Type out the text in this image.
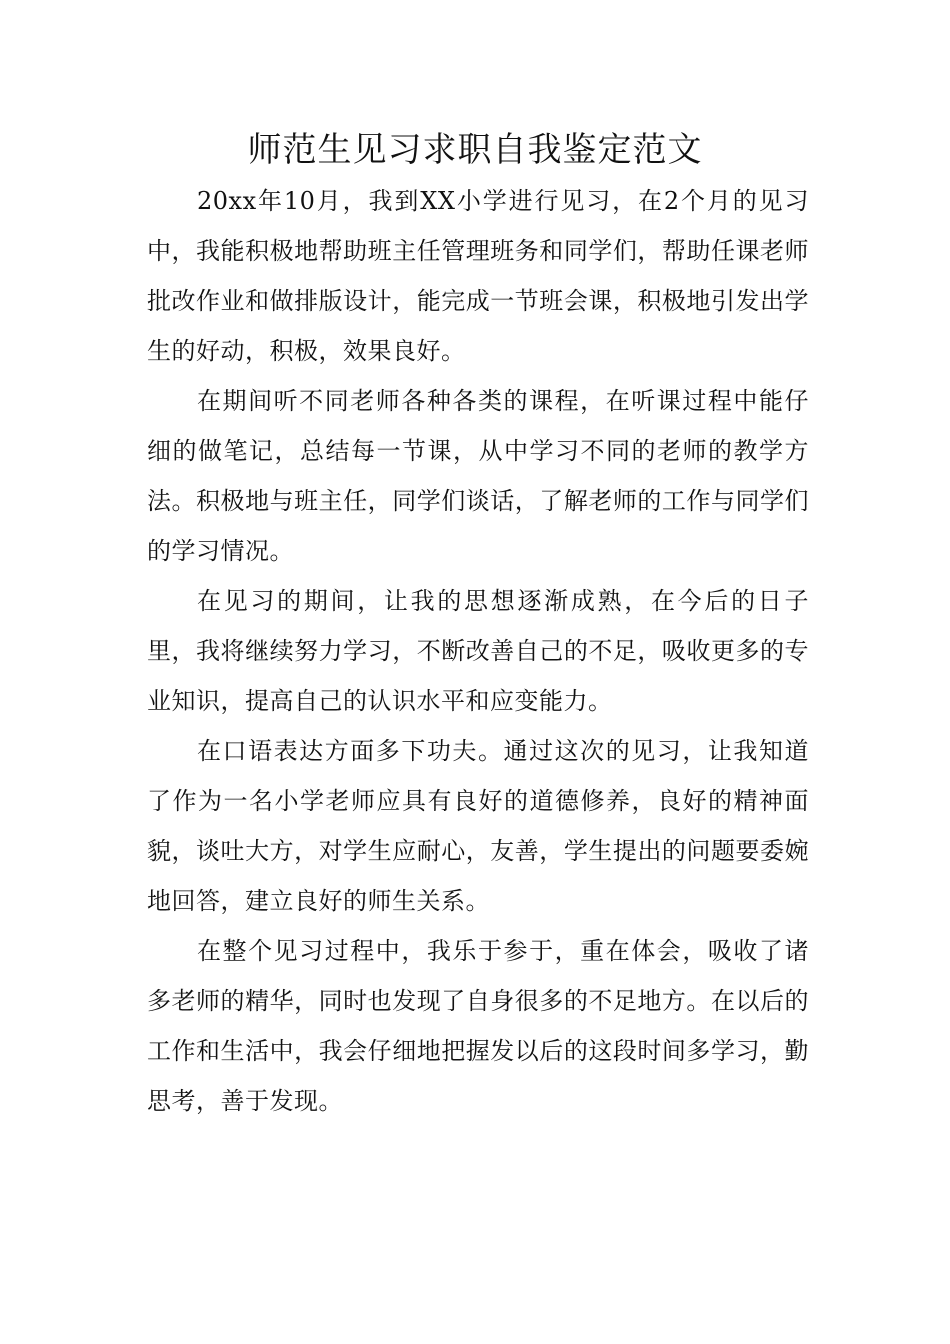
师范生见习求职自我鉴定范文

20xx年10月，我到XX小学进行见习，在2个月的见习中，我能积极地帮助班主任管理班务和同学们，帮助任课老师批改作业和做排版设计，能完成一节班会课，积极地引发出学生的好动，积极，效果良好。

在期间听不同老师各种各类的课程，在听课过程中能仔细的做笔记，总结每一节课，从中学习不同的老师的教学方法。积极地与班主任，同学们谈话，了解老师的工作与同学们的学习情况。

在见习的期间，让我的思想逐渐成熟，在今后的日子里，我将继续努力学习，不断改善自己的不足，吸收更多的专业知识，提高自己的认识水平和应变能力。

在口语表达方面多下功夫。通过这次的见习，让我知道了作为一名小学老师应具有良好的道德修养，良好的精神面貌，谈吐大方，对学生应耐心，友善，学生提出的问题要委婉地回答，建立良好的师生关系。

在整个见习过程中，我乐于参于，重在体会，吸收了诸多老师的精华，同时也发现了自身很多的不足地方。在以后的工作和生活中，我会仔细地把握发以后的这段时间多学习，勤思考，善于发现。
